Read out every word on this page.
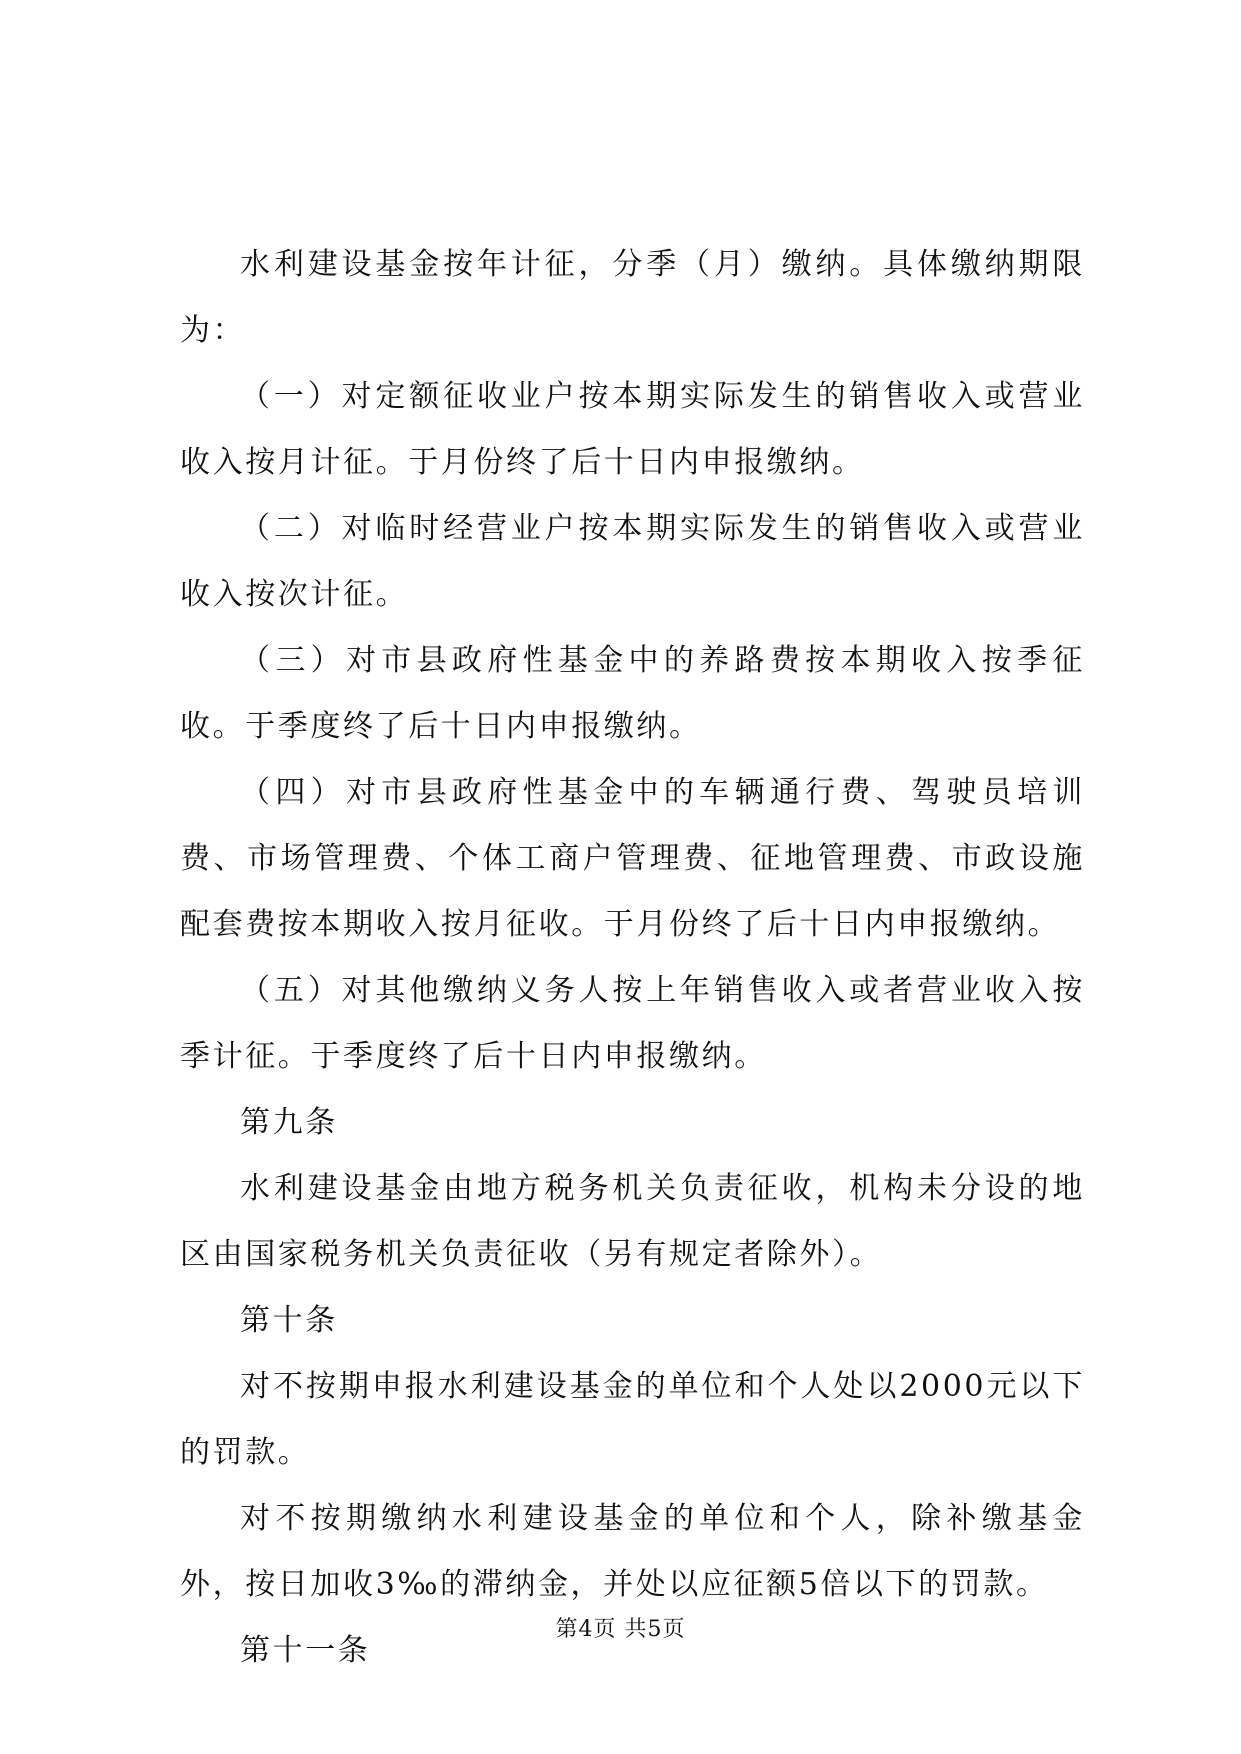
水利建设基金按年计征，分季（月）缴纳。具体缴纳期限为：

（一）对定额征收业户按本期实际发生的销售收入或营业收入按月计征。于月份终了后十日内申报缴纳。

（二）对临时经营业户按本期实际发生的销售收入或营业收入按次计征。

（三）对市县政府性基金中的养路费按本期收入按季征收。于季度终了后十日内申报缴纳。

（四）对市县政府性基金中的车辆通行费、驾驶员培训费、市场管理费、个体工商户管理费、征地管理费、市政设施配套费按本期收入按月征收。于月份终了后十日内申报缴纳。

（五）对其他缴纳义务人按上年销售收入或者营业收入按季计征。于季度终了后十日内申报缴纳。

第九条

水利建设基金由地方税务机关负责征收，机构未分设的地区由国家税务机关负责征收（另有规定者除外）。

第十条

对不按期申报水利建设基金的单位和个人处以2000元以下的罚款。

对不按期缴纳水利建设基金的单位和个人，除补缴基金外，按日加收3‰的滞纳金，并处以应征额5倍以下的罚款。

第十一条

第4页 共5页
